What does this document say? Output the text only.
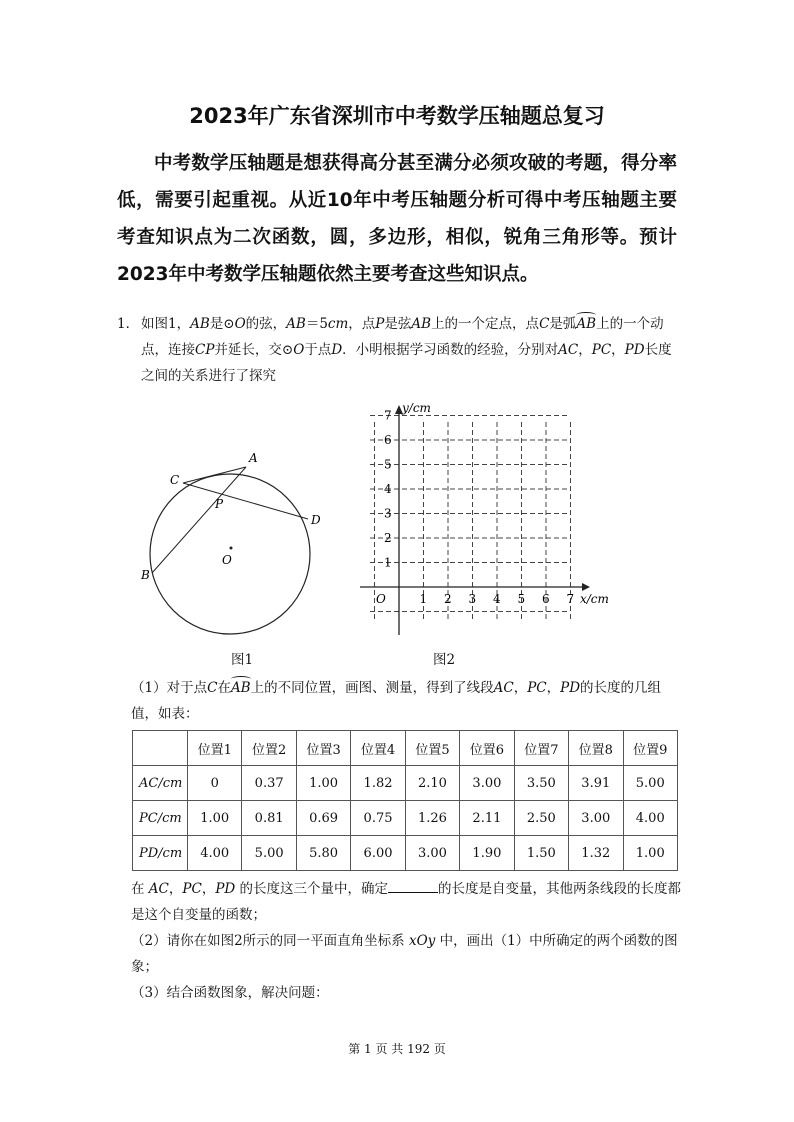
2023年广东省深圳市中考数学压轴题总复习
中考数学压轴题是想获得高分甚至满分必须攻破的考题，得分率低，需要引起重视。从近10年中考压轴题分析可得中考压轴题主要考查知识点为二次函数，圆，多边形，相似，锐角三角形等。预计2023年中考数学压轴题依然主要考查这些知识点。
1． 如图1，AB是⊙O的弦，AB＝5cm，点P是弦AB上的一个定点，点C是弧AB上的一个动点，连接CP并延长，交⊙O于点D．小明根据学习函数的经验，分别对AC，PC，PD长度之间的关系进行了探究
A
C
P
D
O
B
y/cm
x/cm
O	1 2 3 4 5 6 7
1
2
3
4
5
6
7
图1	图2
（1）对于点C在AB上的不同位置，画图、测量，得到了线段AC，PC，PD的长度的几组值，如表：
	位置1	位置2	位置3	位置4	位置5	位置6	位置7	位置8	位置9
AC/cm	0	0.37	1.00	1.82	2.10	3.00	3.50	3.91	5.00
PC/cm	1.00	0.81	0.69	0.75	1.26	2.11	2.50	3.00	4.00
PD/cm	4.00	5.00	5.80	6.00	3.00	1.90	1.50	1.32	1.00
在 AC，PC，PD 的长度这三个量中，确定	的长度是自变量，其他两条线段的长度都是这个自变量的函数；
（2）请你在如图2所示的同一平面直角坐标系 xOy 中，画出（1）中所确定的两个函数的图象；
（3）结合函数图象，解决问题：
第 1 页 共 192 页
